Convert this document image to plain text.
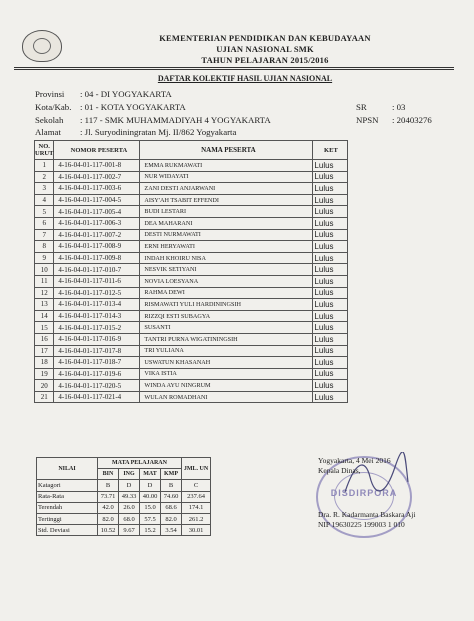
KEMENTERIAN PENDIDIKAN DAN KEBUDAYAAN
UJIAN NASIONAL SMK
TAHUN PELAJARAN 2015/2016
DAFTAR KOLEKTIF HASIL UJIAN NASIONAL
Provinsi : 04 - DI YOGYAKARTA
Kota/Kab. : 01 - KOTA YOGYAKARTA
Sekolah : 117 - SMK MUHAMMADIYAH 4 YOGYAKARTA
Alamat : Jl. Suryodiningratan Mj. II/862 Yogyakarta
SR	: 03
NPSN : 20403276
NO. URUT	NOMOR PESERTA	NAMA PESERTA	KET
1	4-16-04-01-117-001-8	EMMA RUKMAWATI	Lulus
2	4-16-04-01-117-002-7	NUR WIDAYATI	Lulus
3	4-16-04-01-117-003-6	ZANI DESTI ANJARWANI	Lulus
4	4-16-04-01-117-004-5	AISY'AH TSABIT EFFENDI	Lulus
5	4-16-04-01-117-005-4	BUDI LESTARI	Lulus
6	4-16-04-01-117-006-3	DEA MAHARANI	Lulus
7	4-16-04-01-117-007-2	DESTI NURMAWATI	Lulus
8	4-16-04-01-117-008-9	ERNI HERYAWATI	Lulus
9	4-16-04-01-117-009-8	INDAH KHOIRU NISA	Lulus
10	4-16-04-01-117-010-7	NESVIK SETIYANI	Lulus
11	4-16-04-01-117-011-6	NOVIA LOESYANA	Lulus
12	4-16-04-01-117-012-5	RAHMA DEWI	Lulus
13	4-16-04-01-117-013-4	RISMAWATI YULI HARDININGSIH	Lulus
14	4-16-04-01-117-014-3	RIZZQI ESTI SUBAGYA	Lulus
15	4-16-04-01-117-015-2	SUSANTI	Lulus
16	4-16-04-01-117-016-9	TANTRI PURNA WIGATININGSIH	Lulus
17	4-16-04-01-117-017-8	TRI YULIANA	Lulus
18	4-16-04-01-117-018-7	USWATUN KHASANAH	Lulus
19	4-16-04-01-117-019-6	VIKA ISTIA	Lulus
20	4-16-04-01-117-020-5	WINDA AYU NINGRUM	Lulus
21	4-16-04-01-117-021-4	WULAN ROMADHANI	Lulus
NILAI	MATA PELAJARAN				JML. UN
	BIN	ING	MAT	KMP	
Katagori	B	D	D	B	C
Rata-Rata	73.71	49.33	40.00	74.60	237.64
Terendah	42.0	26.0	15.0	68.6	174.1
Tertinggi	82.0	68.0	57.5	82.0	261.2
Std. Deviasi	10.52	9.67	15.2	3.54	30.01
DISDIRPORA
Yogyakarta, 4 Mei 2016
Kepala Dinas,
Dra. R. Kadarmanta Baskara Aji
NIP 19630225 199003 1 010
